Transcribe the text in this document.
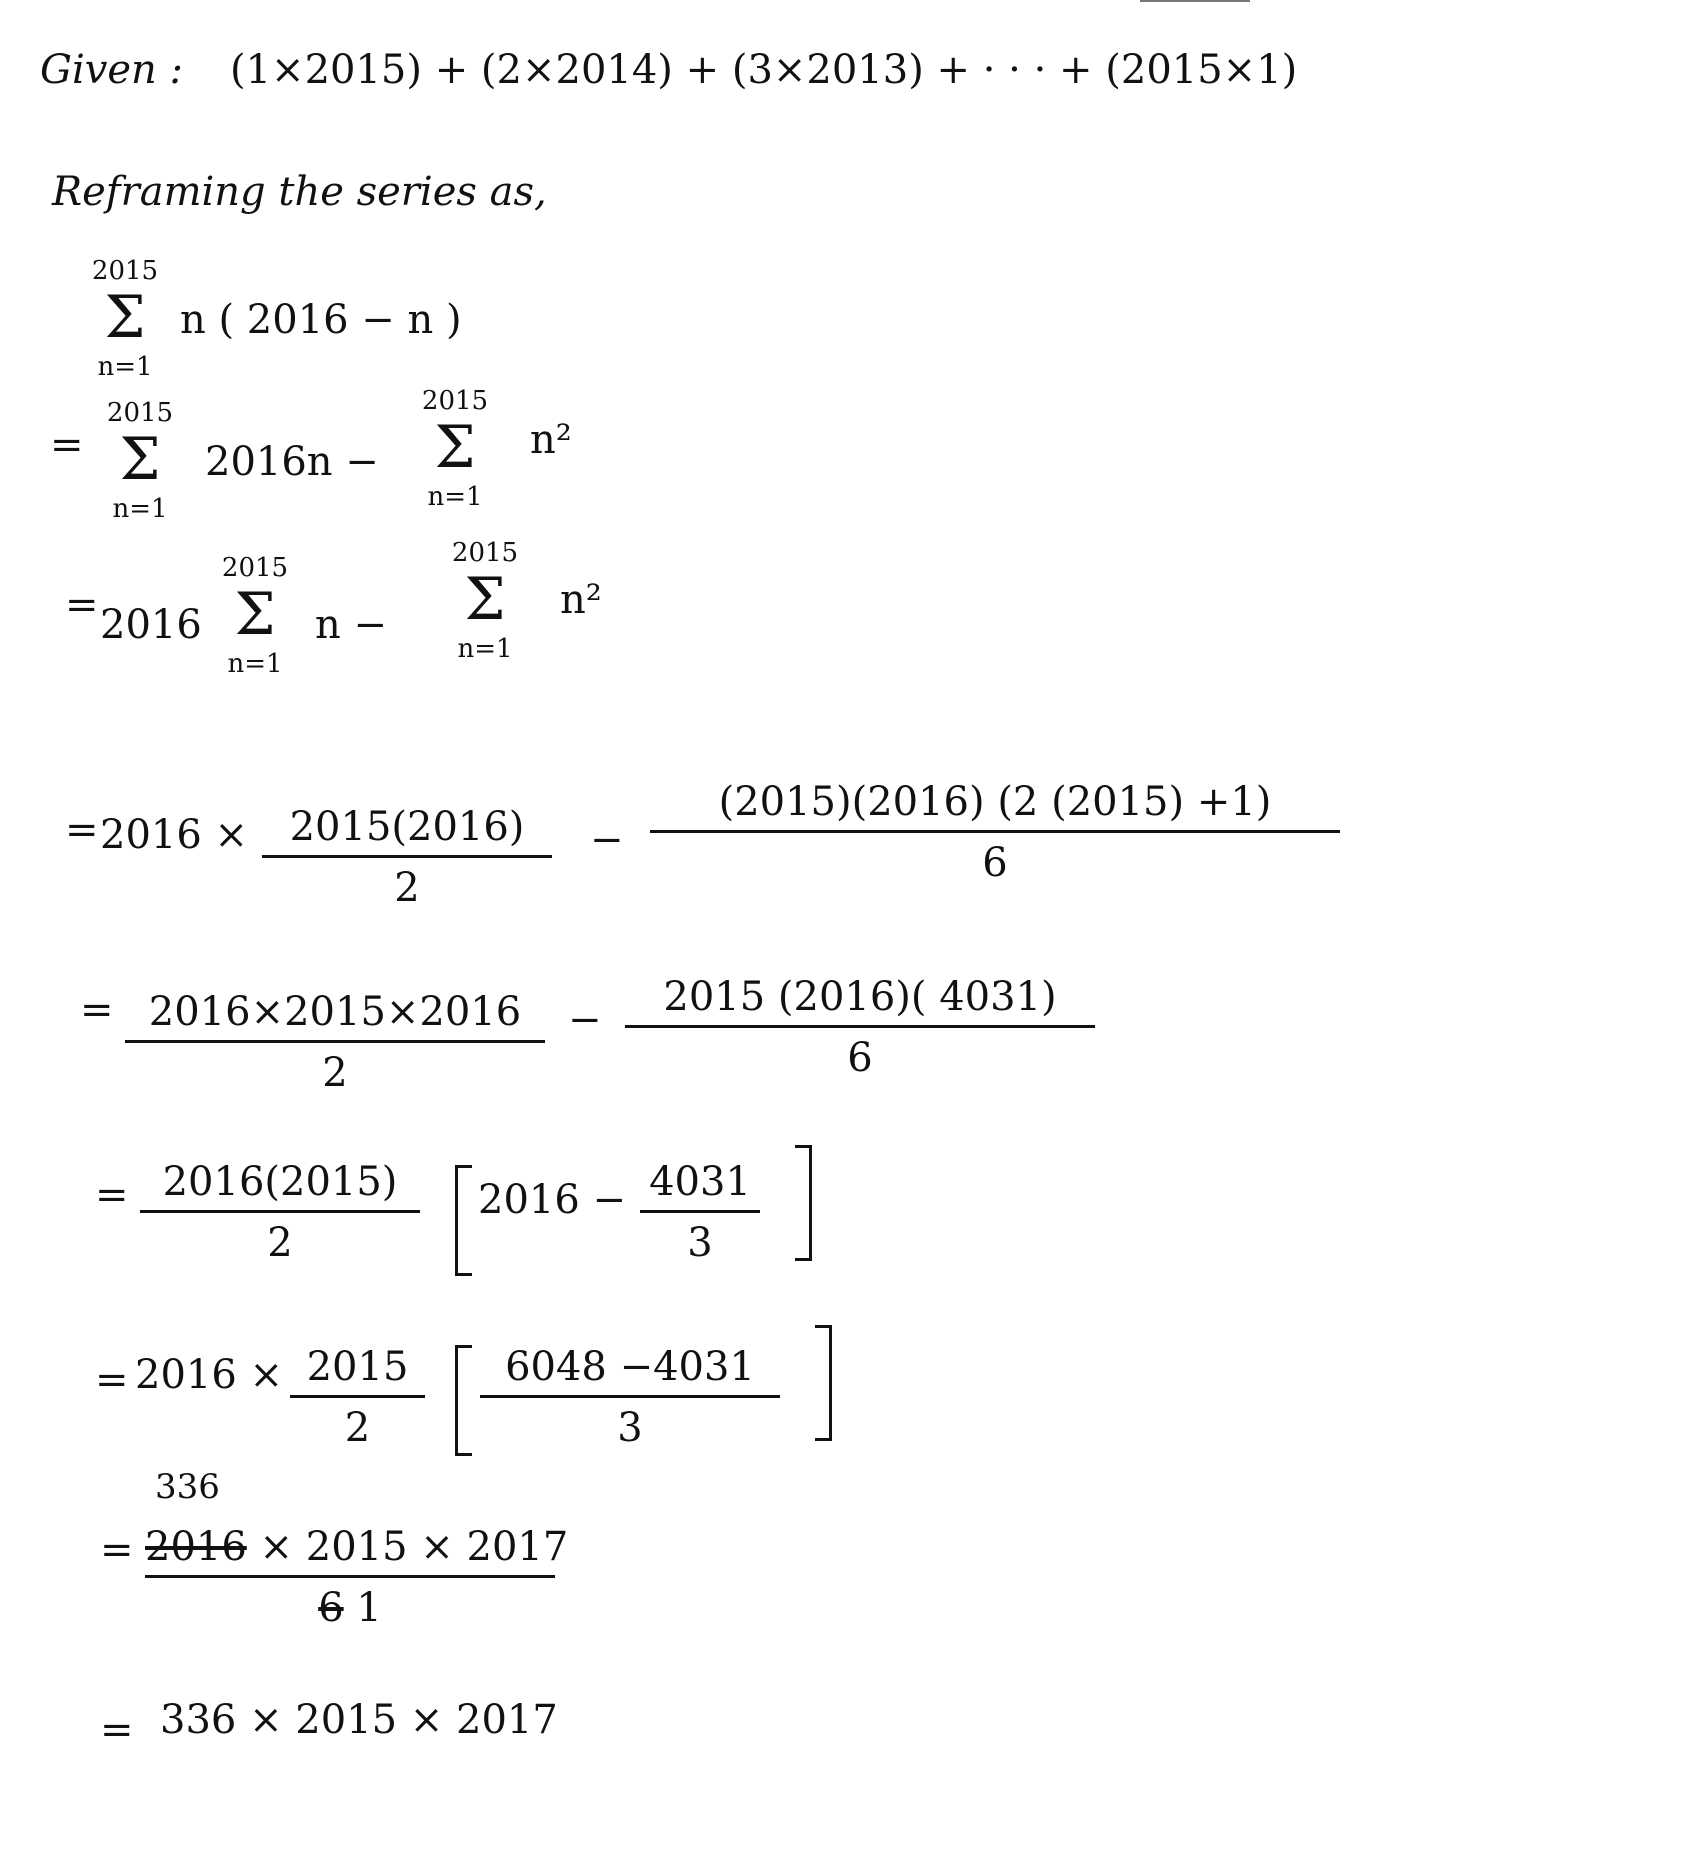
Given : (1×2015) + (2×2014) + (3×2013) + · · · + (2015×1)
Reframing the series as,
2015
Σ
n=1
n ( 2016 − n )
=
2015
Σ
n=1
2016n −
2015
Σ
n=1
n²
= 2016
2015
Σ
n=1
n −
2015
Σ
n=1
n²
= 2016 ×	2015(2016)
2
−
(2015)(2016) (2 (2015) +1)
6
= 2016×2015×2016
2
−	2015 (2016)( 4031)
6
= 2016(2015)
2
2016 − 4031
3
= 2016 × 2015
2
6048 −4031
3
336
= 2016 × 2015 × 2017
6 1
= 336 × 2015 × 2017
